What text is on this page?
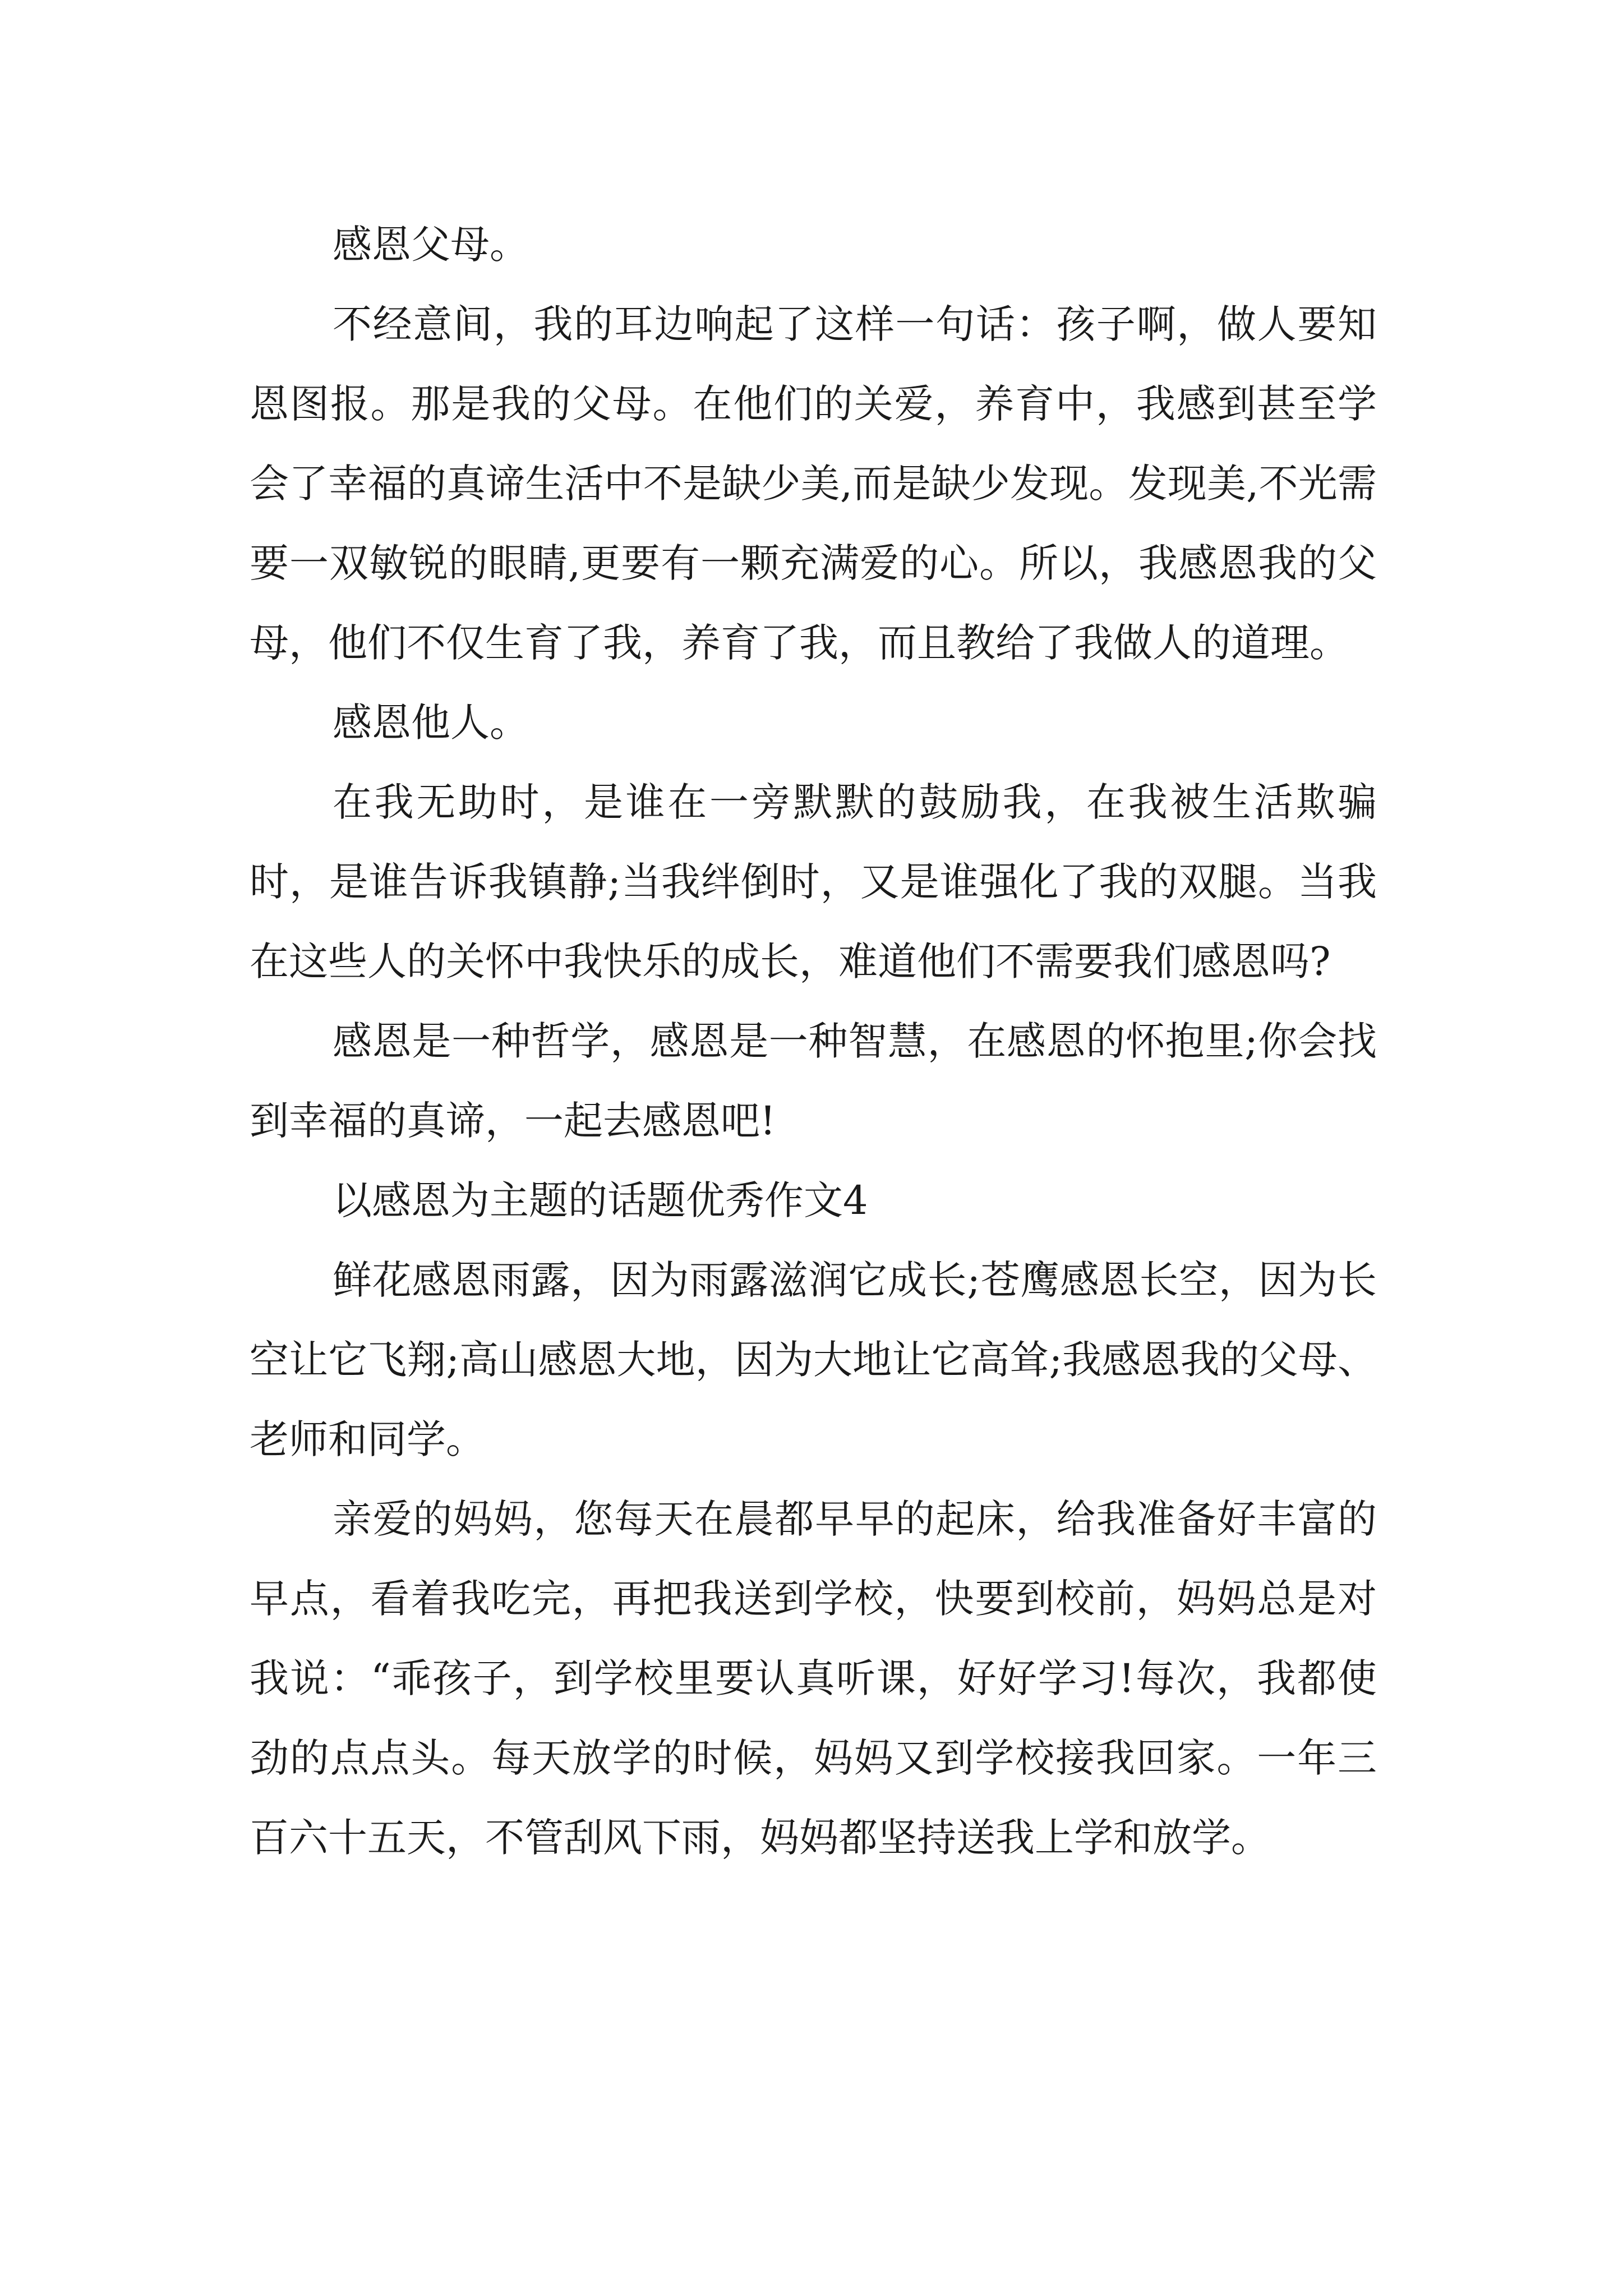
感恩父母。

不经意间，我的耳边响起了这样一句话：孩子啊，做人要知恩图报。那是我的父母。在他们的关爱，养育中，我感到甚至学会了幸福的真谛生活中不是缺少美,而是缺少发现。发现美,不光需要一双敏锐的眼睛,更要有一颗充满爱的心。所以，我感恩我的父母，他们不仅生育了我，养育了我，而且教给了我做人的道理。

感恩他人。

在我无助时，是谁在一旁默默的鼓励我，在我被生活欺骗时，是谁告诉我镇静;当我绊倒时，又是谁强化了我的双腿。当我在这些人的关怀中我快乐的成长，难道他们不需要我们感恩吗?

感恩是一种哲学，感恩是一种智慧，在感恩的怀抱里;你会找到幸福的真谛，一起去感恩吧!

以感恩为主题的话题优秀作文4

鲜花感恩雨露，因为雨露滋润它成长;苍鹰感恩长空，因为长空让它飞翔;高山感恩大地，因为大地让它高耸;我感恩我的父母、老师和同学。

亲爱的妈妈，您每天在晨都早早的起床，给我准备好丰富的早点，看着我吃完，再把我送到学校，快要到校前，妈妈总是对我说：“乖孩子，到学校里要认真听课，好好学习!每次，我都使劲的点点头。每天放学的时候，妈妈又到学校接我回家。一年三百六十五天，不管刮风下雨，妈妈都坚持送我上学和放学。
